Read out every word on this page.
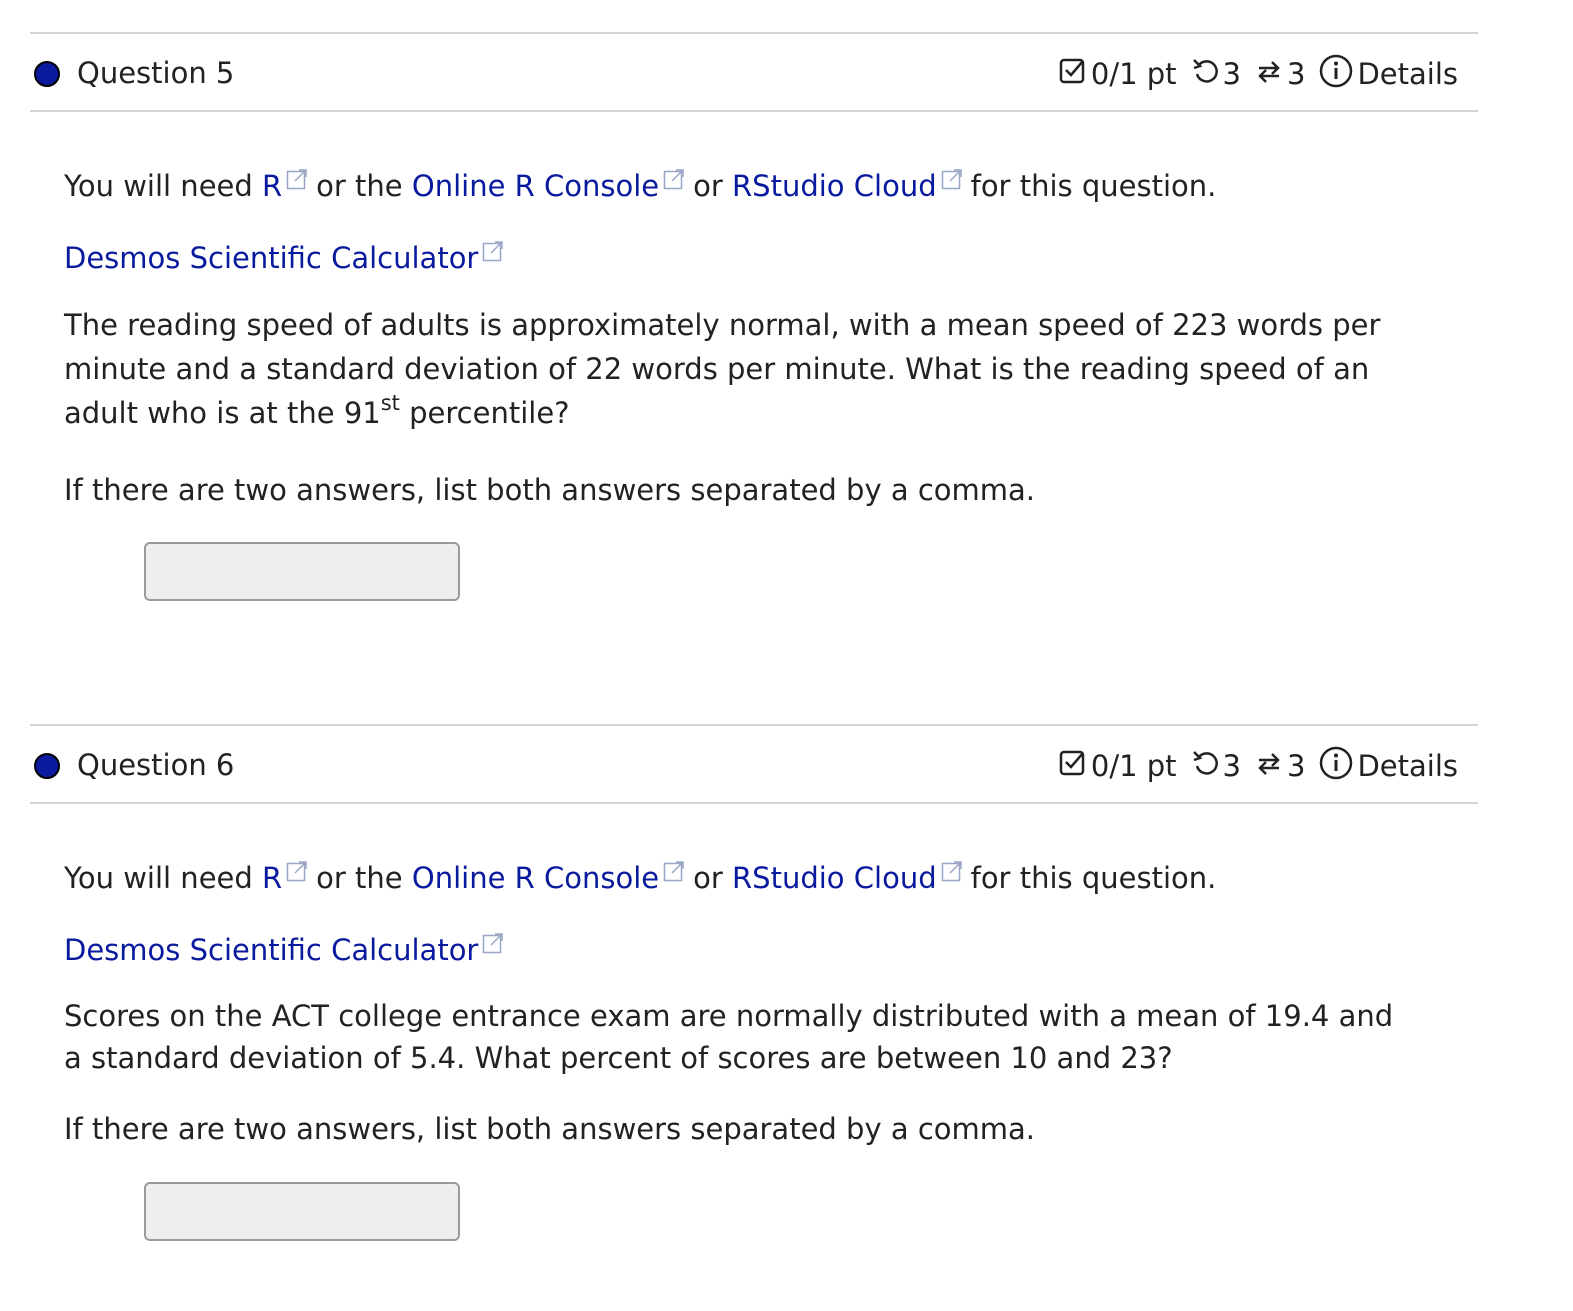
Question 5	0/1 pt 3 3 Details
You will need R or the Online R Console or RStudio Cloud for this question.
Desmos Scientific Calculator
The reading speed of adults is approximately normal, with a mean speed of 223 words per minute and a standard deviation of 22 words per minute. What is the reading speed of an adult who is at the 91st percentile?
If there are two answers, list both answers separated by a comma.
Question 6	0/1 pt 3 3 Details
You will need R or the Online R Console or RStudio Cloud for this question.
Desmos Scientific Calculator
Scores on the ACT college entrance exam are normally distributed with a mean of 19.4 and a standard deviation of 5.4. What percent of scores are between 10 and 23?
If there are two answers, list both answers separated by a comma.
